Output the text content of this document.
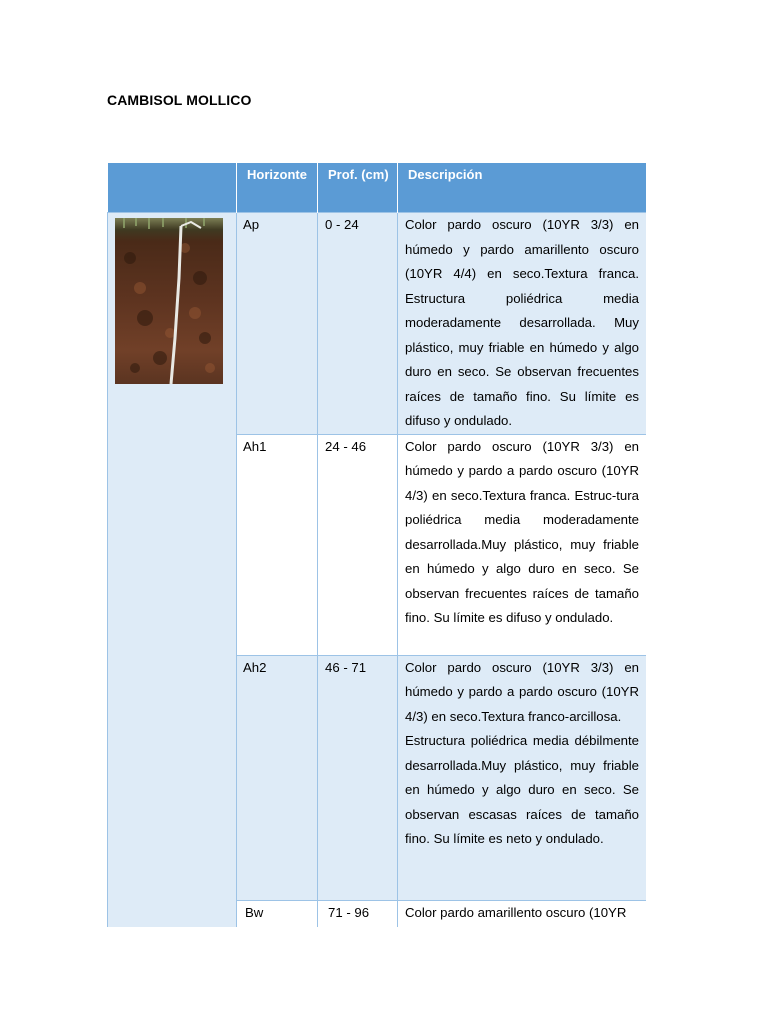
CAMBISOL MOLLICO
	Horizonte	Prof. (cm)	Descripción

	Ap	0 - 24	Color pardo oscuro (10YR 3/3) en húmedo y pardo amarillento oscuro (10YR 4/4) en seco.Textura franca. Estructura poliédrica media moderadamente desarrollada. Muy plástico, muy friable en húmedo y algo duro en seco. Se observan frecuentes raíces de tamaño fino. Su límite es difuso y ondulado.

	Ah1	24 - 46	Color pardo oscuro (10YR 3/3) en húmedo y pardo a pardo oscuro (10YR 4/3) en seco.Textura franca. Estruc-tura poliédrica media moderadamente desarrollada.Muy plástico, muy friable en húmedo y algo duro en seco. Se observan frecuentes raíces de tamaño fino. Su límite es difuso y ondulado.

	Ah2	46 - 71	Color pardo oscuro (10YR 3/3) en húmedo y pardo a pardo oscuro (10YR 4/3) en seco.Textura franco-arcillosa.

Estructura poliédrica media débilmente desarrollada.Muy plástico, muy friable en húmedo y algo duro en seco. Se observan escasas raíces de tamaño fino. Su límite es neto y ondulado.

	Bw	71 - 96	Color pardo amarillento oscuro (10YR
